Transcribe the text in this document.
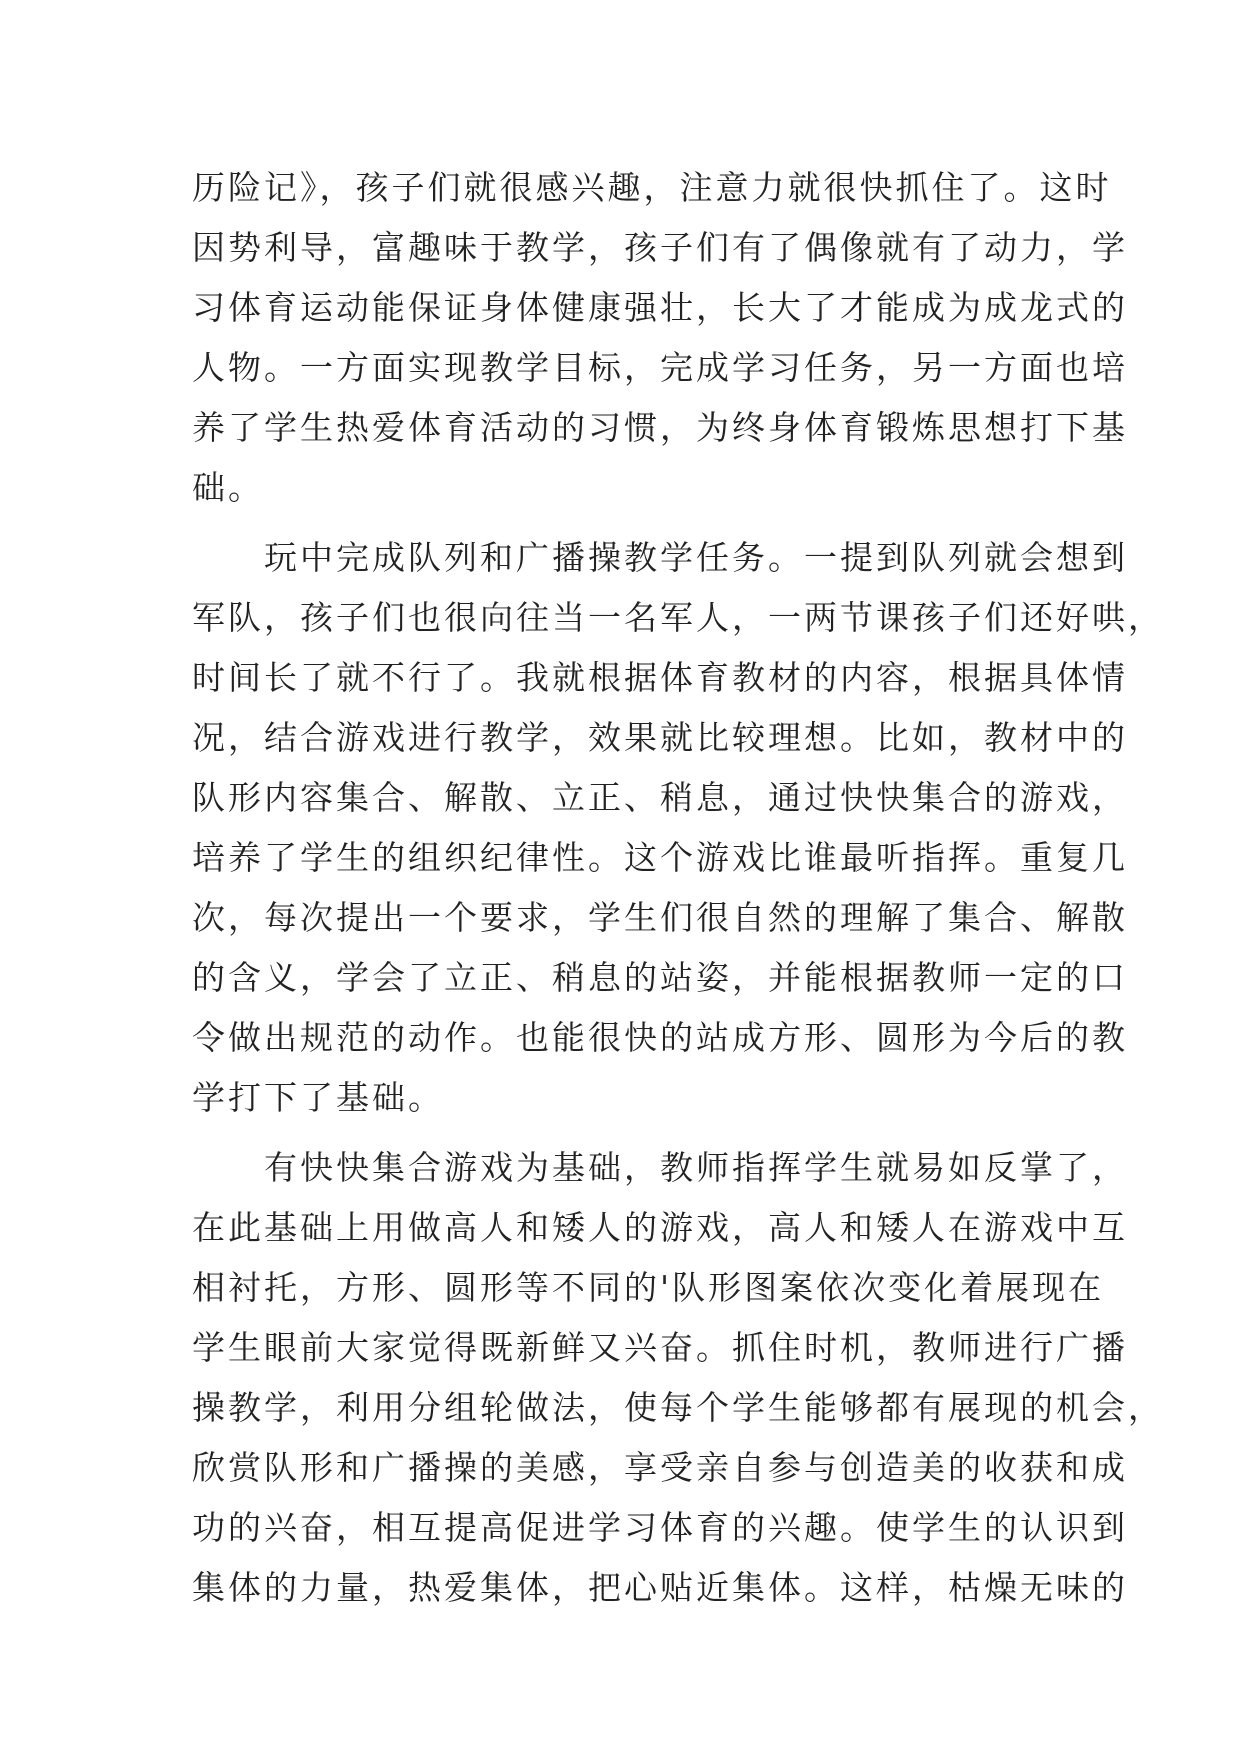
历险记》，孩子们就很感兴趣，注意力就很快抓住了。这时
因势利导，富趣味于教学，孩子们有了偶像就有了动力，学
习体育运动能保证身体健康强壮，长大了才能成为成龙式的
人物。一方面实现教学目标，完成学习任务，另一方面也培
养了学生热爱体育活动的习惯，为终身体育锻炼思想打下基
础。
　　玩中完成队列和广播操教学任务。一提到队列就会想到
军队，孩子们也很向往当一名军人，一两节课孩子们还好哄，
时间长了就不行了。我就根据体育教材的内容，根据具体情
况，结合游戏进行教学，效果就比较理想。比如，教材中的
队形内容集合、解散、立正、稍息，通过快快集合的游戏，
培养了学生的组织纪律性。这个游戏比谁最听指挥。重复几
次，每次提出一个要求，学生们很自然的理解了集合、解散
的含义，学会了立正、稍息的站姿，并能根据教师一定的口
令做出规范的动作。也能很快的站成方形、圆形为今后的教
学打下了基础。
　　有快快集合游戏为基础，教师指挥学生就易如反掌了，
在此基础上用做高人和矮人的游戏，高人和矮人在游戏中互
相衬托，方形、圆形等不同的'队形图案依次变化着展现在
学生眼前大家觉得既新鲜又兴奋。抓住时机，教师进行广播
操教学，利用分组轮做法，使每个学生能够都有展现的机会，
欣赏队形和广播操的美感，享受亲自参与创造美的收获和成
功的兴奋，相互提高促进学习体育的兴趣。使学生的认识到
集体的力量，热爱集体，把心贴近集体。这样，枯燥无味的
